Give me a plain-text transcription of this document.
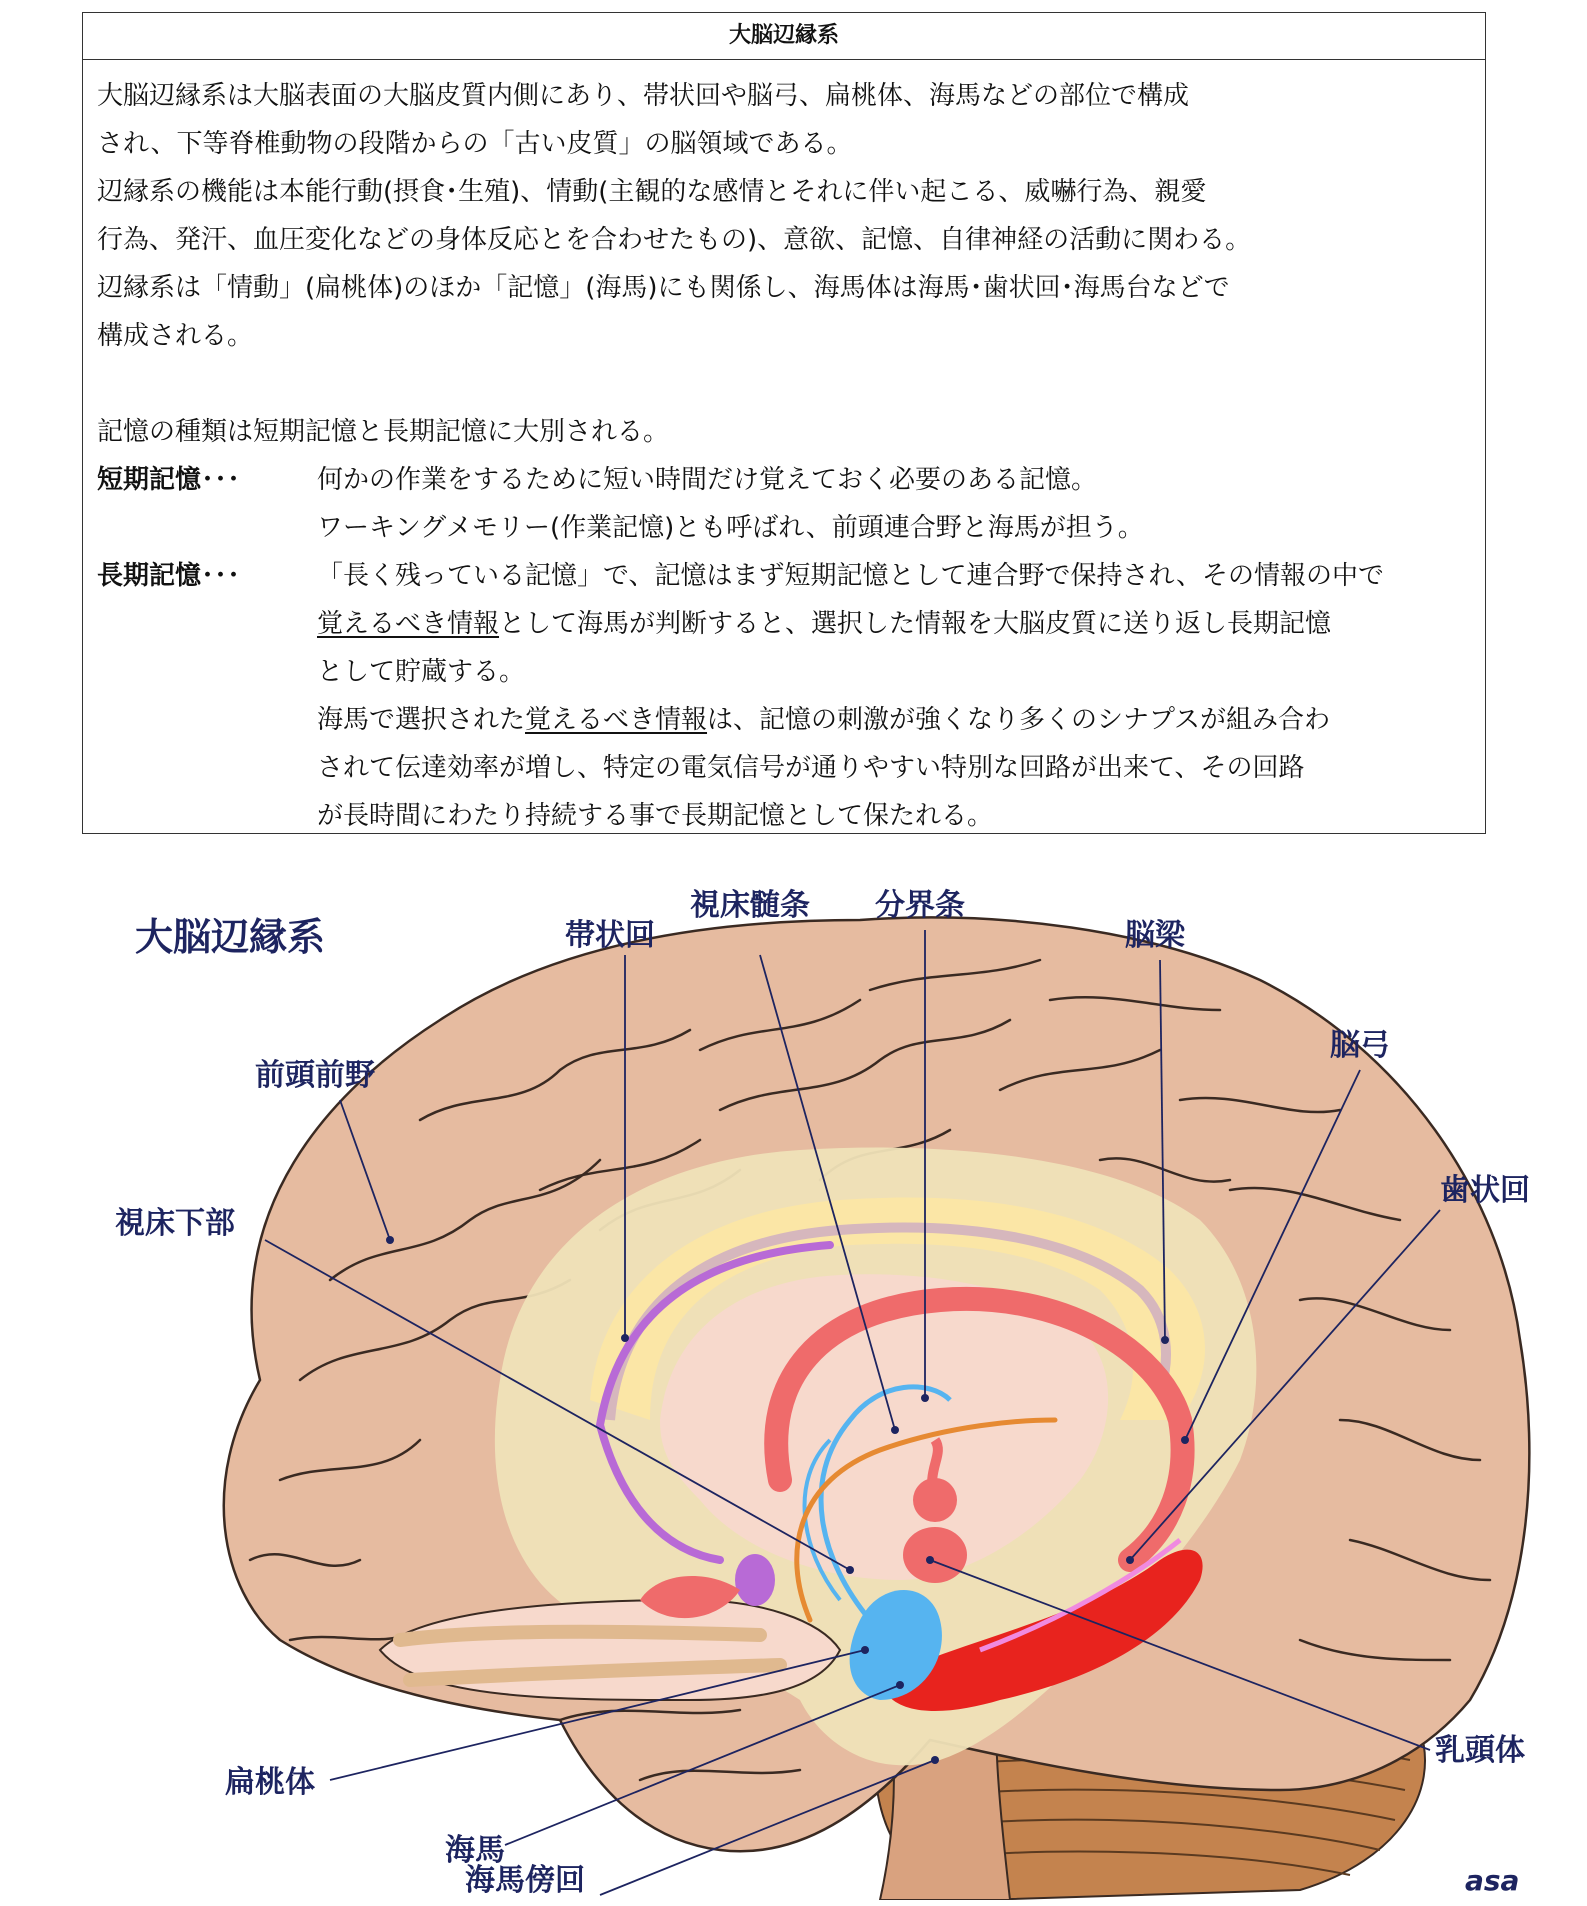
大脳辺縁系
大脳辺縁系は大脳表面の大脳皮質内側にあり、帯状回や脳弓、扁桃体、海馬などの部位で構成
され、下等脊椎動物の段階からの「古い皮質」の脳領域である。
辺縁系の機能は本能行動(摂食･生殖)、情動(主観的な感情とそれに伴い起こる、威嚇行為、親愛
行為、発汗、血圧変化などの身体反応とを合わせたもの)、意欲、記憶、自律神経の活動に関わる。
辺縁系は「情動」(扁桃体)のほか「記憶」(海馬)にも関係し、海馬体は海馬･歯状回･海馬台などで
構成される。
記憶の種類は短期記憶と長期記憶に大別される。
短期記憶･･･	何かの作業をするために短い時間だけ覚えておく必要のある記憶。
ワーキングメモリー(作業記憶)とも呼ばれ、前頭連合野と海馬が担う。
長期記憶･･･	「長く残っている記憶」で、記憶はまず短期記憶として連合野で保持され、その情報の中で
覚えるべき情報として海馬が判断すると、選択した情報を大脳皮質に送り返し長期記憶
として貯蔵する。
海馬で選択された覚えるべき情報は、記憶の刺激が強くなり多くのシナプスが組み合わ
されて伝達効率が増し、特定の電気信号が通りやすい特別な回路が出来て、その回路
が長時間にわたり持続する事で長期記憶として保たれる。
大脳辺縁系	帯状回
視床髄条 分界条
脳梁
脳弓
前頭前野
歯状回
視床下部
扁桃体
海馬
海馬傍回
乳頭体
asa
